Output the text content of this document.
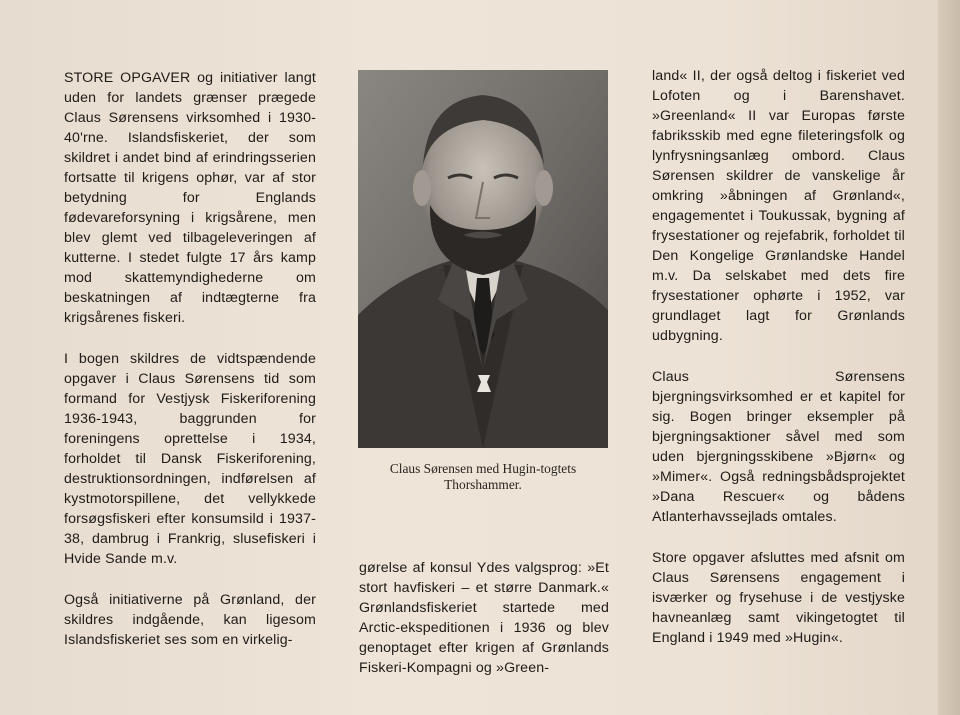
STORE OPGAVER og initiativer langt uden for landets grænser prægede Claus Sørensens virksomhed i 1930-40'rne. Islandsfiskeriet, der som skildret i andet bind af erindringsserien fortsatte til krigens ophør, var af stor betydning for Englands fødevareforsyning i krigsårene, men blev glemt ved tilbageleveringen af kutterne. I stedet fulgte 17 års kamp mod skattemyndighederne om beskatningen af indtægterne fra krigsårenes fiskeri.

I bogen skildres de vidtspændende opgaver i Claus Sørensens tid som formand for Vestjysk Fiskeriforening 1936-1943, baggrunden for foreningens oprettelse i 1934, forholdet til Dansk Fiskeriforening, destruktionsordningen, indførelsen af kystmotorspillene, det vellykkede forsøgsfiskeri efter konsumsild i 1937-38, dambrug i Frankrig, slusefiskeri i Hvide Sande m.v.

Også initiativerne på Grønland, der skildres indgående, kan ligesom Islandsfiskeriet ses som en virkelig-

Claus Sørensen med Hugin-togtets Thorshammer.

gørelse af konsul Ydes valgsprog: »Et stort havfiskeri – et større Danmark.« Grønlandsfiskeriet startede med Arctic-ekspeditionen i 1936 og blev genoptaget efter krigen af Grønlands Fiskeri-Kompagni og »Green-

land« II, der også deltog i fiskeriet ved Lofoten og i Barenshavet. »Greenland« II var Europas første fabriksskib med egne fileteringsfolk og lynfrysningsanlæg ombord. Claus Sørensen skildrer de vanskelige år omkring »åbningen af Grønland«, engagementet i Toukussak, bygning af frysestationer og rejefabrik, forholdet til Den Kongelige Grønlandske Handel m.v. Da selskabet med dets fire frysestationer ophørte i 1952, var grundlaget lagt for Grønlands udbygning.

Claus Sørensens bjergningsvirksomhed er et kapitel for sig. Bogen bringer eksempler på bjergningsaktioner såvel med som uden bjergningsskibene »Bjørn« og »Mimer«. Også redningsbådsprojektet »Dana Rescuer« og bådens Atlanterhavssejlads omtales.

Store opgaver afsluttes med afsnit om Claus Sørensens engagement i isværker og frysehuse i de vestjyske havneanlæg samt vikingetogtet til England i 1949 med »Hugin«.
